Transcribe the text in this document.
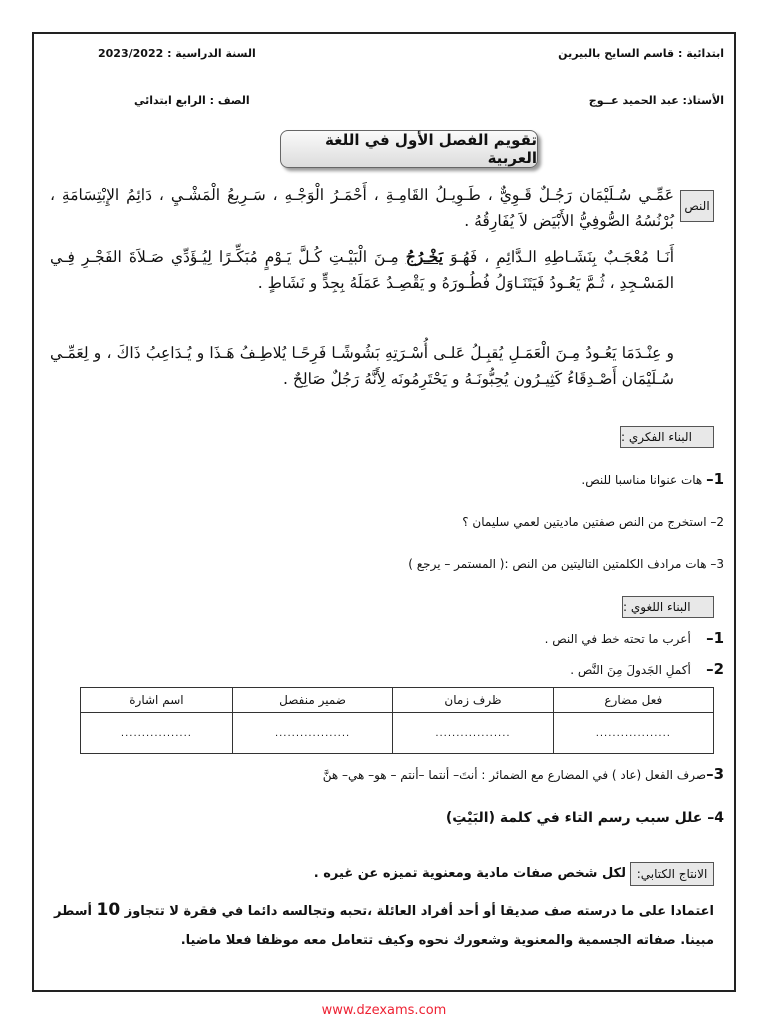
ابتدائية : قاسم السايح بالبيرين
السنة الدراسية : 2023/2022
الأستاذ: عبد الحميد عــوج
الصف : الرابع ابتدائي
تقويم الفصل الأول في اللغة العربية
النص
عَمِّـي سُـلَيْمَان رَجُـلٌ قَـوِيٌّ ، طَـوِيـلُ القَامِـةِ ، أَحْمَـرُ الْوَجْـهِ ، سَـرِيعُ الْمَشْـيِ ، دَائِمُ الإِبْتِسَامَةِ ، بُرْنُسُهُ الصُّوفِيُّ الأَبْيَض لاَ يُفَارِقُهُ .
أَنَـا مُعْجَـبٌ بِنَشَـاطِهِ الـدَّائِمِ ، فَهُـوَ يَخْـرُجُ مِـنَ الْبَيْـتِ كُـلَّ يَـوْمٍ مُبَكِّـرًا لِيُـؤَدِّي صَـلاَةَ الفَجْـرِ فِـي المَسْـجِدِ ، ثُـمَّ يَعُـودُ فَيَتَنَـاوَلُ فُطُـورَهُ و يَقْصِـدُ عَمَلَهُ بِجِدٍّ و نَشَاطٍ .
و عِنْـدَمَا يَعُـودُ مِـنَ الْعَمَـلِ يُقبِـلُ عَلـى أُسْـرَتِهِ بَشُوشًـا فَرِحًـا يُلاطِـفُ هَـذَا و يُـدَاعِبُ ذَاكَ ، و لِعَمِّـي سُـلَيْمَان أَصْـدِقَاءُ كَثِيـرُون يُحِبُّونَـهُ و يَحْتَرِمُونَه لِأَنَّهُ رَجُلٌ صَالِحٌ .
البناء الفكري :
1– هات عنوانا مناسبا للنص.
2– استخرج من النص صفتين ماديتين لعمي سليمان ؟
3– هات مرادف الكلمتين التاليتين من النص :( المستمر – يرجع )
البناء اللغوي :
1–    أعرب ما تحته خط في النص .
2–    أكملِ الجَدولَ مِنَ النَّص .
فعل مضارع	ظرف زمان	ضمير منفصل	اسم اشارة
..................	..................	..................	.................
3–صرف الفعل (عاد ) في المضارع مع الضمائر : أنتَ– أنتما –أنتم – هو– هي– هنَّ
4– علل سبب رسم التاء في كلمة (البَيْتِ)
الانتاج الكتابي:
لكل شخص صفات مادية ومعنوية تميزه عن غيره .
اعتمادا على ما درسته صف صديقا أو أحد أفراد العائلة ،تحبه وتجالسه دائما في فقرة لا تتجاوز 10 أسطر
مبينا. صفاته الجسمية والمعنوية وشعورك نحوه وكيف تتعامل معه موظفا فعلا ماضيا.
www.dzexams.com
